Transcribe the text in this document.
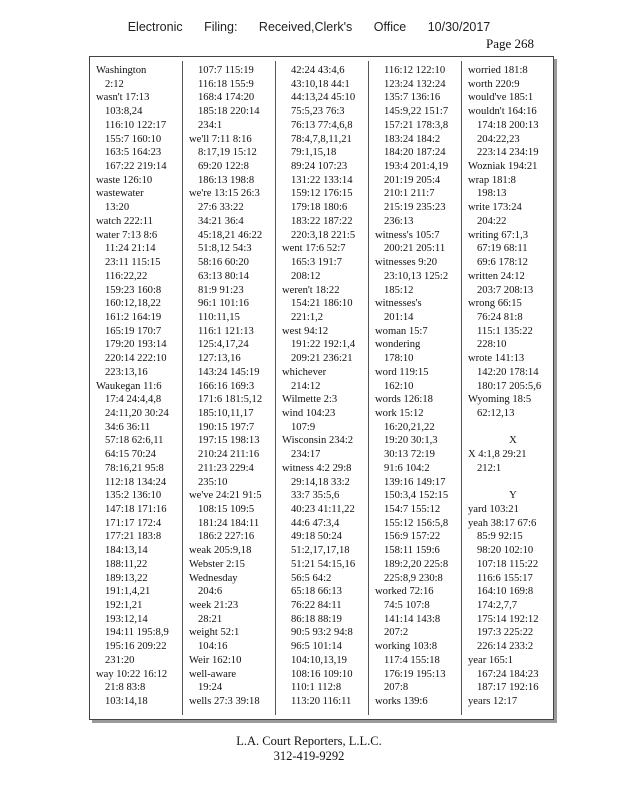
Electronic Filing: Received,Clerk's Office 10/30/2017
Page 268
Washington
2:12
wasn't 17:13
103:8,24
116:10 122:17
155:7 160:10
163:5 164:23
167:22 219:14
waste 126:10
wastewater
13:20
watch 222:11
water 7:13 8:6
11:24 21:14
23:11 115:15
116:22,22
159:23 160:8
160:12,18,22
161:2 164:19
165:19 170:7
179:20 193:14
220:14 222:10
223:13,16
Waukegan 11:6
17:4 24:4,4,8
24:11,20 30:24
34:6 36:11
57:18 62:6,11
64:15 70:24
78:16,21 95:8
112:18 134:24
135:2 136:10
147:18 171:16
171:17 172:4
177:21 183:8
184:13,14
188:11,22
189:13,22
191:1,4,21
192:1,21
193:12,14
194:11 195:8,9
195:16 209:22
231:20
way 10:22 16:12
21:8 83:8
103:14,18
107:7 115:19
116:18 155:9
168:4 174:20
185:18 220:14
234:1
we'll 7:11 8:16
8:17,19 15:12
69:20 122:8
186:13 198:8
we're 13:15 26:3
27:6 33:22
34:21 36:4
45:18,21 46:22
51:8,12 54:3
58:16 60:20
63:13 80:14
81:9 91:23
96:1 101:16
110:11,15
116:1 121:13
125:4,17,24
127:13,16
143:24 145:19
166:16 169:3
171:6 181:5,12
185:10,11,17
190:15 197:7
197:15 198:13
210:24 211:16
211:23 229:4
235:10
we've 24:21 91:5
108:15 109:5
181:24 184:11
186:2 227:16
weak 205:9,18
Webster 2:15
Wednesday
204:6
week 21:23
28:21
weight 52:1
104:16
Weir 162:10
well-aware
19:24
wells 27:3 39:18
42:24 43:4,6
43:10,18 44:1
44:13,24 45:10
75:5,23 76:3
76:13 77:4,6,8
78:4,7,8,11,21
79:1,15,18
89:24 107:23
131:22 133:14
159:12 176:15
179:18 180:6
183:22 187:22
220:3,18 221:5
went 17:6 52:7
165:3 191:7
208:12
weren't 18:22
154:21 186:10
221:1,2
west 94:12
191:22 192:1,4
209:21 236:21
whichever
214:12
Wilmette 2:3
wind 104:23
107:9
Wisconsin 234:2
234:17
witness 4:2 29:8
29:14,18 33:2
33:7 35:5,6
40:23 41:11,22
44:6 47:3,4
49:18 50:24
51:2,17,17,18
51:21 54:15,16
56:5 64:2
65:18 66:13
76:22 84:11
86:18 88:19
90:5 93:2 94:8
96:5 101:14
104:10,13,19
108:16 109:10
110:1 112:8
113:20 116:11
116:12 122:10
123:24 132:24
135:7 136:16
145:9,22 151:7
157:21 178:3,8
183:24 184:2
184:20 187:24
193:4 201:4,19
201:19 205:4
210:1 211:7
215:19 235:23
236:13
witness's 105:7
200:21 205:11
witnesses 9:20
23:10,13 125:2
185:12
witnesses's
201:14
woman 15:7
wondering
178:10
word 119:15
162:10
words 126:18
work 15:12
16:20,21,22
19:20 30:1,3
30:13 72:19
91:6 104:2
139:16 149:17
150:3,4 152:15
154:7 155:12
155:12 156:5,8
156:9 157:22
158:11 159:6
189:2,20 225:8
225:8,9 230:8
worked 72:16
74:5 107:8
141:14 143:8
207:2
working 103:8
117:4 155:18
176:19 195:13
207:8
works 139:6
worried 181:8
worth 220:9
would've 185:1
wouldn't 164:16
174:18 200:13
204:22,23
223:14 234:19
Wozniak 194:21
wrap 181:8
198:13
write 173:24
204:22
writing 67:1,3
67:19 68:11
69:6 178:12
written 24:12
203:7 208:13
wrong 66:15
76:24 81:8
115:1 135:22
228:10
wrote 141:13
142:20 178:14
180:17 205:5,6
Wyoming 18:5
62:12,13

X
X 4:1,8 29:21
212:1

Y
yard 103:21
yeah 38:17 67:6
85:9 92:15
98:20 102:10
107:18 115:22
116:6 155:17
164:10 169:8
174:2,7,7
175:14 192:12
197:3 225:22
226:14 233:2
year 165:1
167:24 184:23
187:17 192:16
years 12:17
L.A. Court Reporters, L.L.C.
312-419-9292
